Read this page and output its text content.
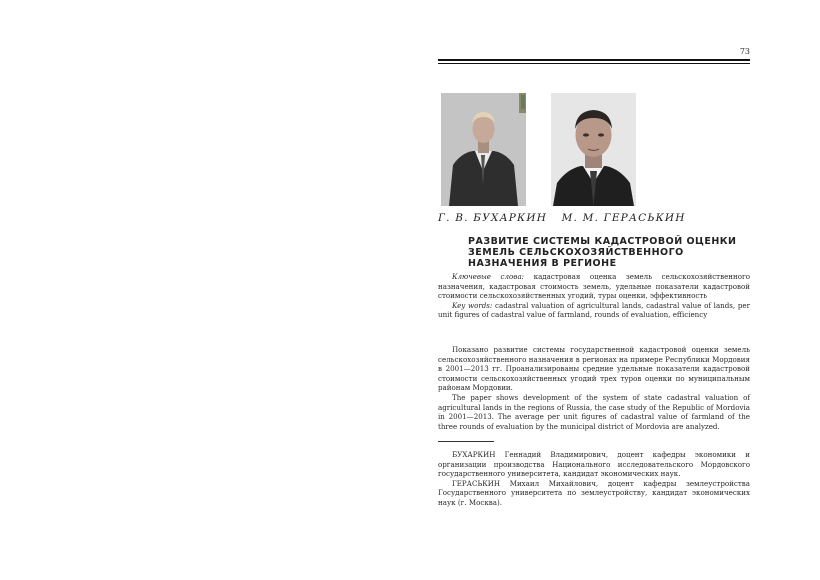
73
Г. В. БУХАРКИН М. М. ГЕРАСЬКИН
РАЗВИТИЕ СИСТЕМЫ КАДАСТРОВОЙ ОЦЕНКИ
ЗЕМЕЛЬ СЕЛЬСКОХОЗЯЙСТВЕННОГО
НАЗНАЧЕНИЯ В РЕГИОНЕ

Ключевые слова: кадастровая оценка земель сельскохозяйственного назначения, кадастровая стоимость земель, удельные показатели кадастровой стоимости сельскохозяйственных угодий, туры оценки, эффективность

Key words: cadastral valuation of agricultural lands, cadastral value of lands, per unit figures of cadastral value of farmland, rounds of evaluation, efficiency

Показано развитие системы государственной кадастровой оценки земель сельскохозяйственного назначения в регионах на примере Республики Мордовия в 2001—2013 гг. Проанализированы средние удельные показатели кадастровой стоимости сельскохозяйственных угодий трех туров оценки по муниципальным районам Мордовии.

The paper shows development of the system of state cadastral valuation of agricultural lands in the regions of Russia, the case study of the Republic of Mordovia in 2001—2013. The average per unit figures of cadastral value of farmland of the three rounds of evaluation by the municipal district of Mordovia are analyzed.

БУХАРКИН Геннадий Владимирович, доцент кафедры экономики и организации производства Национального исследовательского Мордовского государственного университета, кандидат экономических наук.

ГЕРАСЬКИН Михаил Михайлович, доцент кафедры землеустройства Государственного университета по землеустройству, кандидат экономических наук (г. Москва).
